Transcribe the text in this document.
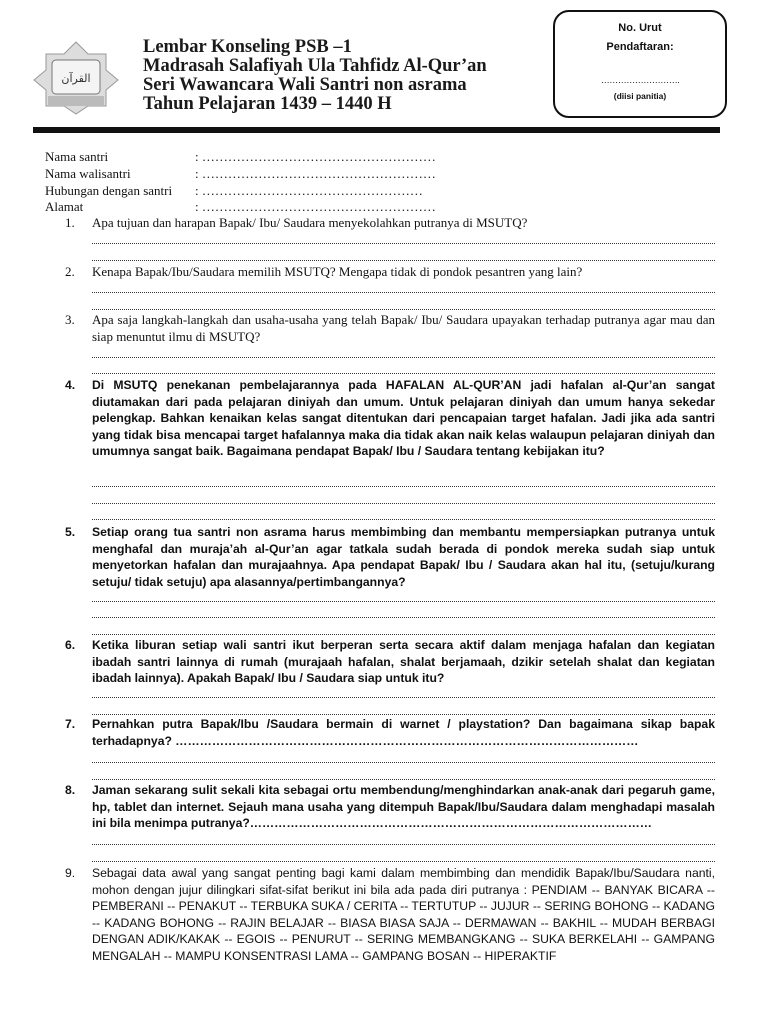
القرآن
Lembar Konseling PSB –1
Madrasah Salafiyah Ula Tahfidz Al-Qur’an
Seri Wawancara Wali Santri non asrama
Tahun Pelajaran 1439 – 1440 H
No. Urut
Pendaftaran:
……………………….
(diisi panitia)
Nama santri	: ………………………………………………
Nama walisantri	: ………………………………………………
Hubungan dengan santri	: ……………………………………………
Alamat	: ………………………………………………
1.	Apa tujuan dan harapan Bapak/ Ibu/ Saudara menyekolahkan putranya di MSUTQ?
2.	Kenapa Bapak/Ibu/Saudara memilih MSUTQ? Mengapa tidak di pondok pesantren yang lain?
3.	Apa saja langkah-langkah dan usaha-usaha yang telah Bapak/ Ibu/ Saudara upayakan terhadap putranya agar mau dan siap menuntut ilmu di MSUTQ?
4.	Di MSUTQ penekanan pembelajarannya pada HAFALAN AL-QUR’AN jadi hafalan al-Qur’an sangat diutamakan dari pada pelajaran diniyah dan umum. Untuk pelajaran diniyah dan umum hanya sekedar pelengkap. Bahkan kenaikan kelas sangat ditentukan dari pencapaian target hafalan. Jadi jika ada santri yang tidak bisa mencapai target hafalannya maka dia tidak akan naik kelas walaupun pelajaran diniyah dan umumnya sangat baik. Bagaimana pendapat Bapak/ Ibu / Saudara tentang kebijakan itu?
5.	Setiap orang tua santri non asrama harus membimbing dan membantu mempersiapkan putranya untuk menghafal dan muraja’ah al-Qur’an agar tatkala sudah berada di pondok mereka sudah siap untuk menyetorkan hafalan dan murajaahnya. Apa pendapat Bapak/ Ibu / Saudara akan hal itu, (setuju/kurang setuju/ tidak setuju) apa alasannya/pertimbangannya?
6.	Ketika liburan setiap wali santri ikut berperan serta secara aktif dalam menjaga hafalan dan kegiatan ibadah santri lainnya di rumah (murajaah hafalan, shalat berjamaah, dzikir setelah shalat dan kegiatan ibadah lainnya). Apakah Bapak/ Ibu / Saudara siap untuk itu?
7.	Pernahkan putra Bapak/Ibu /Saudara bermain di warnet / playstation? Dan bagaimana sikap bapak terhadapnya? ……………………………………………………………………………………………………
8.	Jaman sekarang sulit sekali kita sebagai ortu membendung/menghindarkan anak-anak dari pegaruh game, hp, tablet dan internet. Sejauh mana usaha yang ditempuh Bapak/Ibu/Saudara dalam menghadapi masalah ini bila menimpa putranya?………………………………………………………………………………………
9.	Sebagai data awal yang sangat penting bagi kami dalam membimbing dan mendidik Bapak/Ibu/Saudara nanti, mohon dengan jujur dilingkari sifat-sifat berikut ini bila ada pada diri putranya : PENDIAM -- BANYAK BICARA -- PEMBERANI -- PENAKUT -- TERBUKA SUKA / CERITA -- TERTUTUP -- JUJUR -- SERING BOHONG -- KADANG -- KADANG BOHONG -- RAJIN BELAJAR -- BIASA BIASA SAJA -- DERMAWAN -- BAKHIL -- MUDAH BERBAGI DENGAN ADIK/KAKAK -- EGOIS -- PENURUT -- SERING MEMBANGKANG -- SUKA BERKELAHI -- GAMPANG MENGALAH -- MAMPU KONSENTRASI LAMA -- GAMPANG BOSAN -- HIPERAKTIF
